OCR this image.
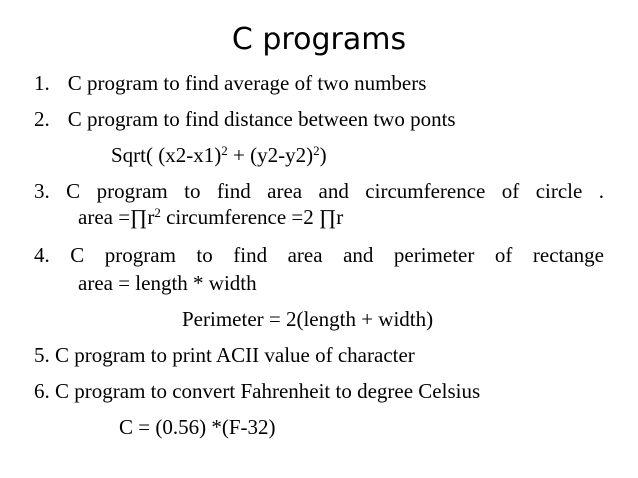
C programs
1. C program to find average of two numbers
2. C program to find distance between two ponts
Sqrt( $(x2-x1)^2 + (y2-y2)^2$)
3. C program to find area and circumference of circle .
area $=\prod r^2$ circumference =2 ∏r
4. C program to find area and perimeter of rectange
area = length * width
Perimeter = 2(length + width)
5. C program to print ACII value of character
6. C program to convert Fahrenheit to degree Celsius
C = (0.56) *(F-32)
